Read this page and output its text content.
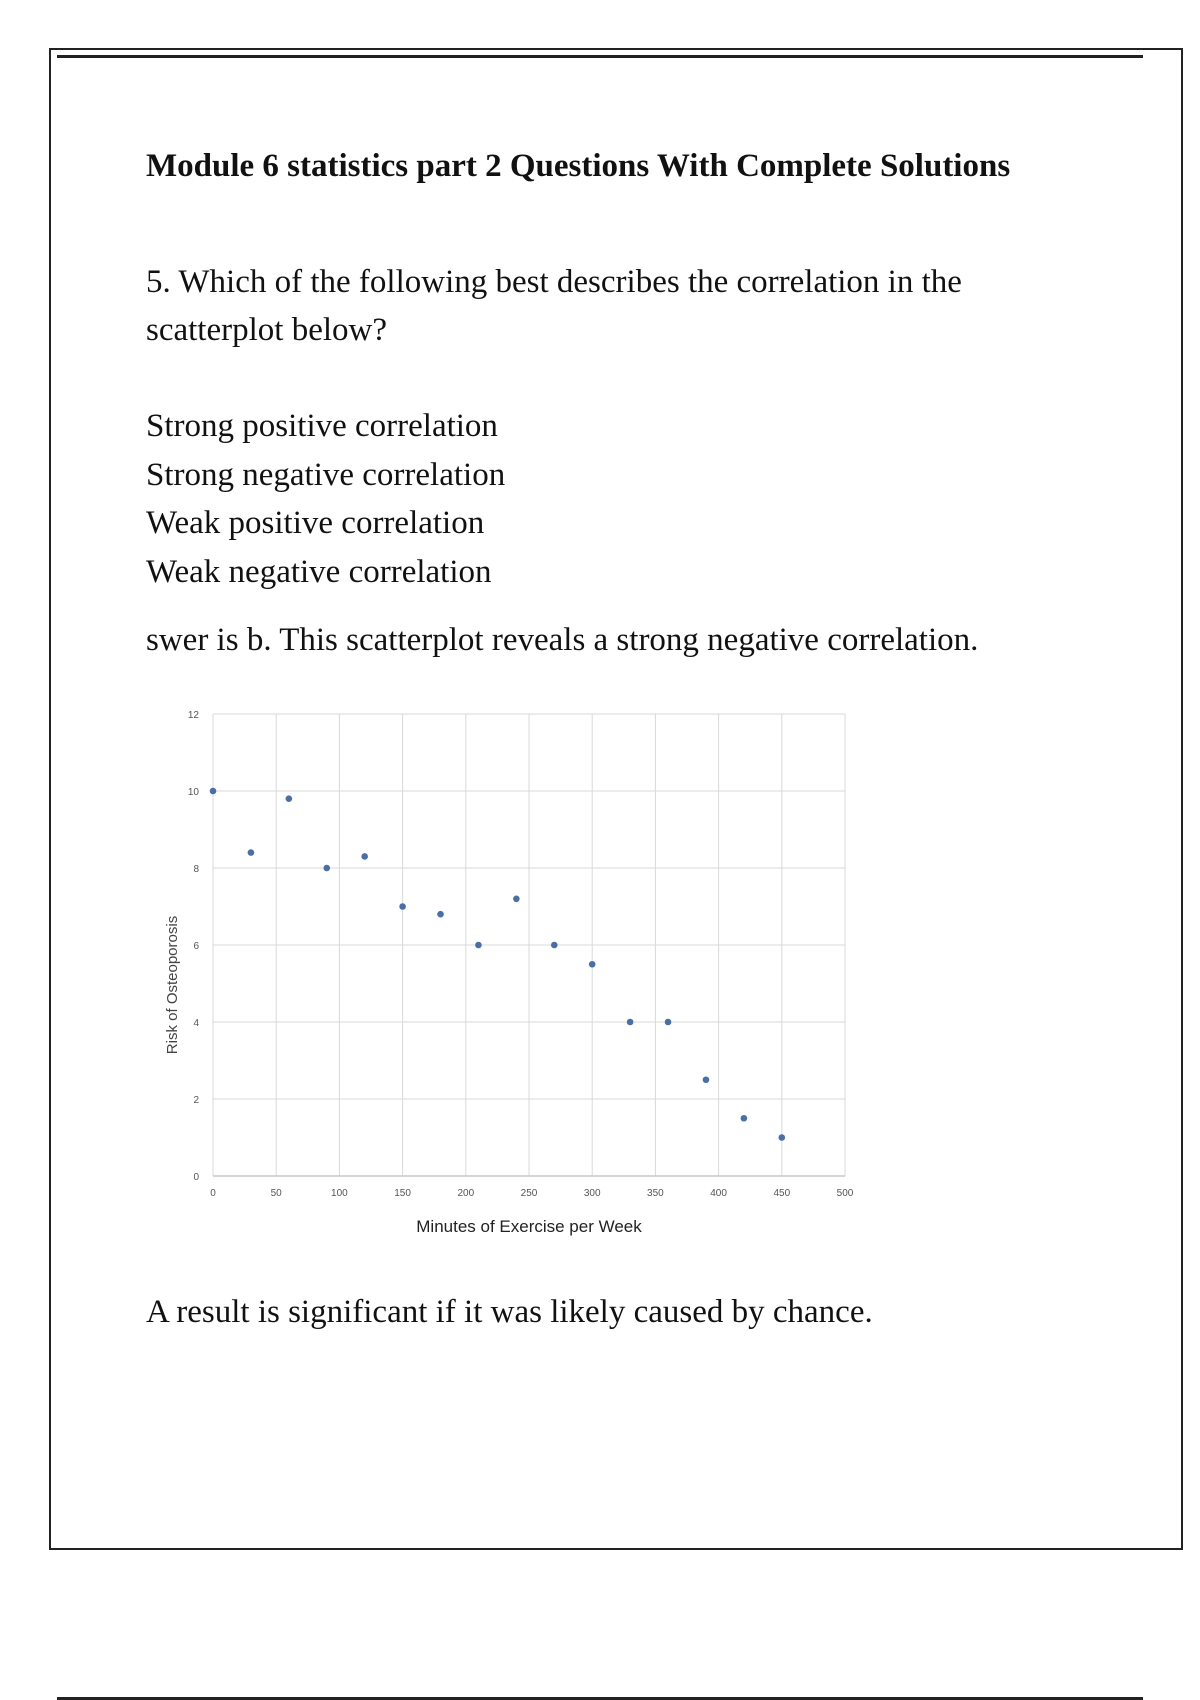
Module 6 statistics part 2 Questions With Complete Solutions
5. Which of the following best describes the correlation in the scatterplot below?
Strong positive correlation
Strong negative correlation
Weak positive correlation
Weak negative correlation
swer is b. This scatterplot reveals a strong negative correlation.
0	50	100	150	200	250	300	350	400	450	500
0
2
4
6
8
10
12
Minutes of Exercise per Week
Risk of Osteoporosis
A result is significant if it was likely caused by chance.
